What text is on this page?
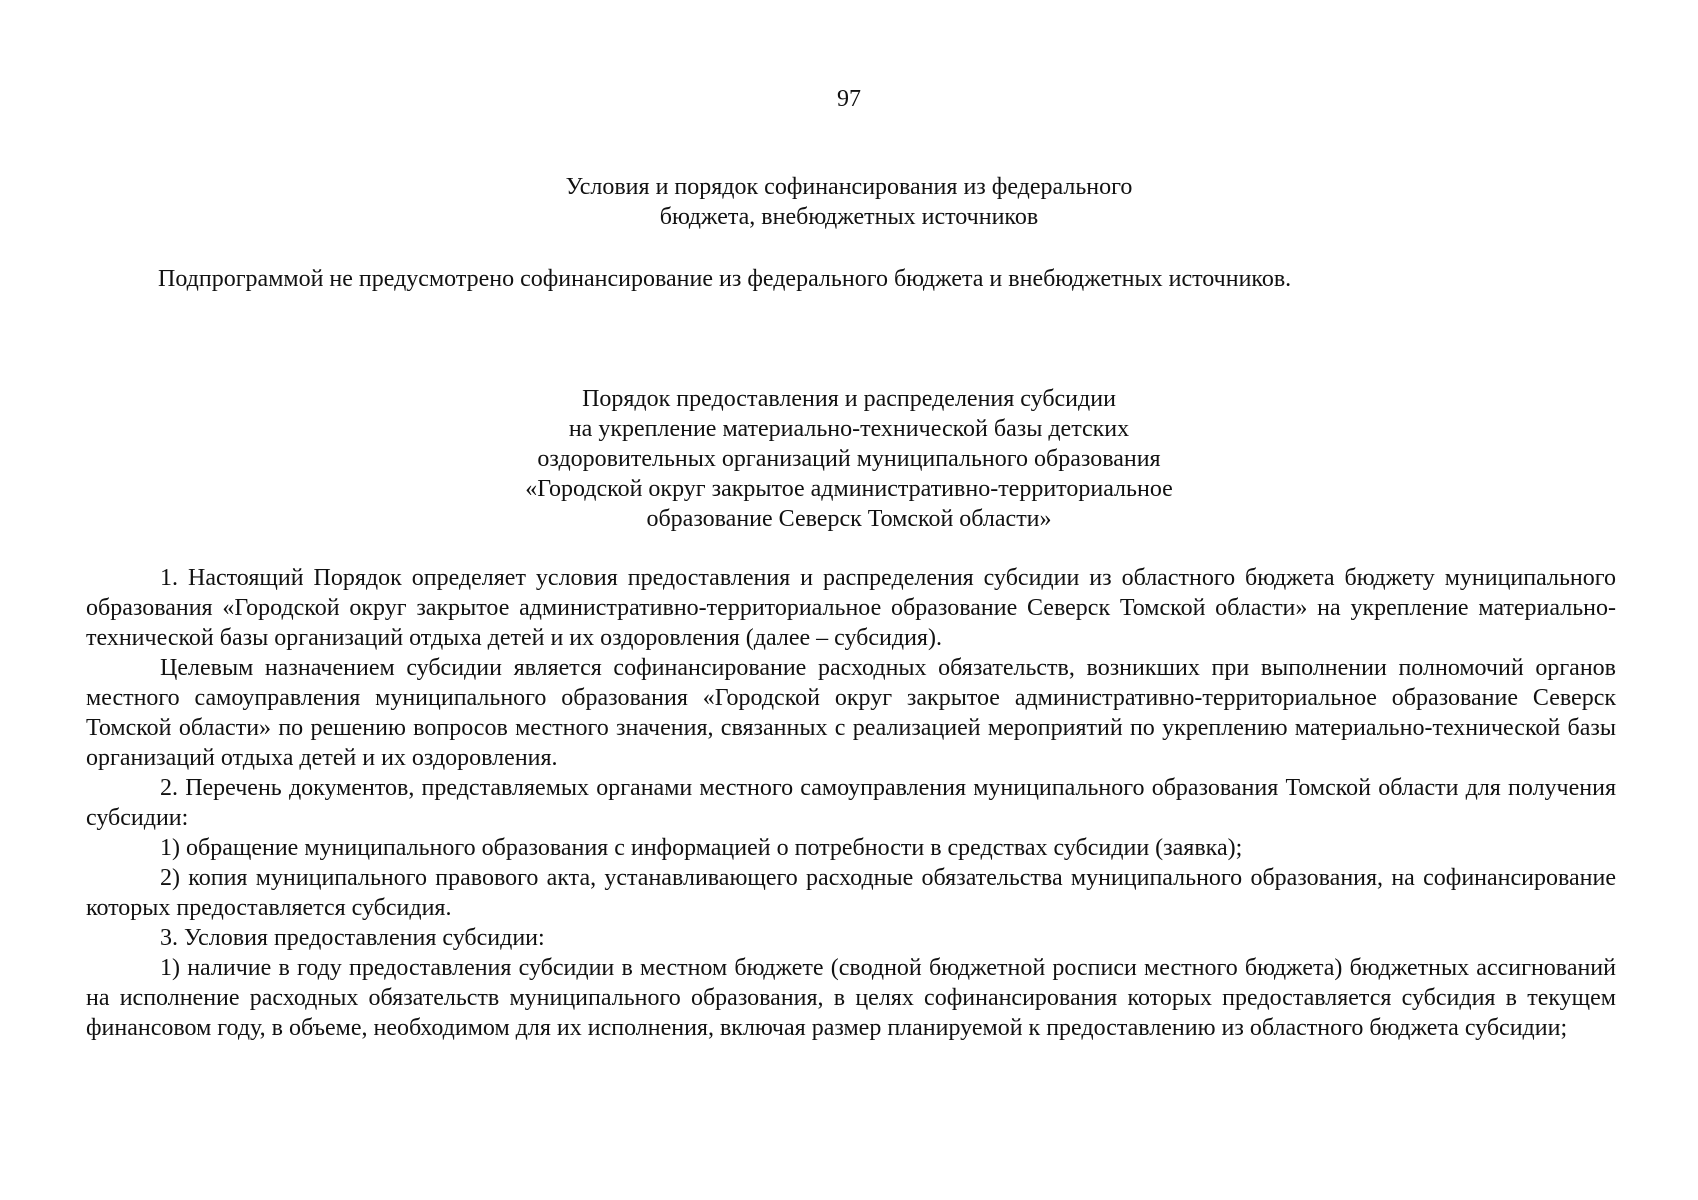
97
Условия и порядок софинансирования из федерального
бюджета, внебюджетных источников

Подпрограммой не предусмотрено софинансирование из федерального бюджета и внебюджетных источников.

Порядок предоставления и распределения субсидии
на укрепление материально-технической базы детских
оздоровительных организаций муниципального образования
«Городской округ закрытое административно-территориальное
образование Северск Томской области»

1. Настоящий Порядок определяет условия предоставления и распределения субсидии из областного бюджета бюджету муниципального образования «Городской округ закрытое административно-территориальное образование Северск Томской области» на укрепление материально-технической базы организаций отдыха детей и их оздоровления (далее – субсидия).

Целевым назначением субсидии является софинансирование расходных обязательств, возникших при выполнении полномочий органов местного самоуправления муниципального образования «Городской округ закрытое административно-территориальное образование Северск Томской области» по решению вопросов местного значения, связанных с реализацией мероприятий по укреплению материально-технической базы организаций отдыха детей и их оздоровления.

2. Перечень документов, представляемых органами местного самоуправления муниципального образования Томской области для получения субсидии:

1) обращение муниципального образования с информацией о потребности в средствах субсидии (заявка);

2) копия муниципального правового акта, устанавливающего расходные обязательства муниципального образования, на софинансирование которых предоставляется субсидия.

3. Условия предоставления субсидии:

1) наличие в году предоставления субсидии в местном бюджете (сводной бюджетной росписи местного бюджета) бюджетных ассигнований на исполнение расходных обязательств муниципального образования, в целях софинансирования которых предоставляется субсидия в текущем финансовом году, в объеме, необходимом для их исполнения, включая размер планируемой к предоставлению из областного бюджета субсидии;
